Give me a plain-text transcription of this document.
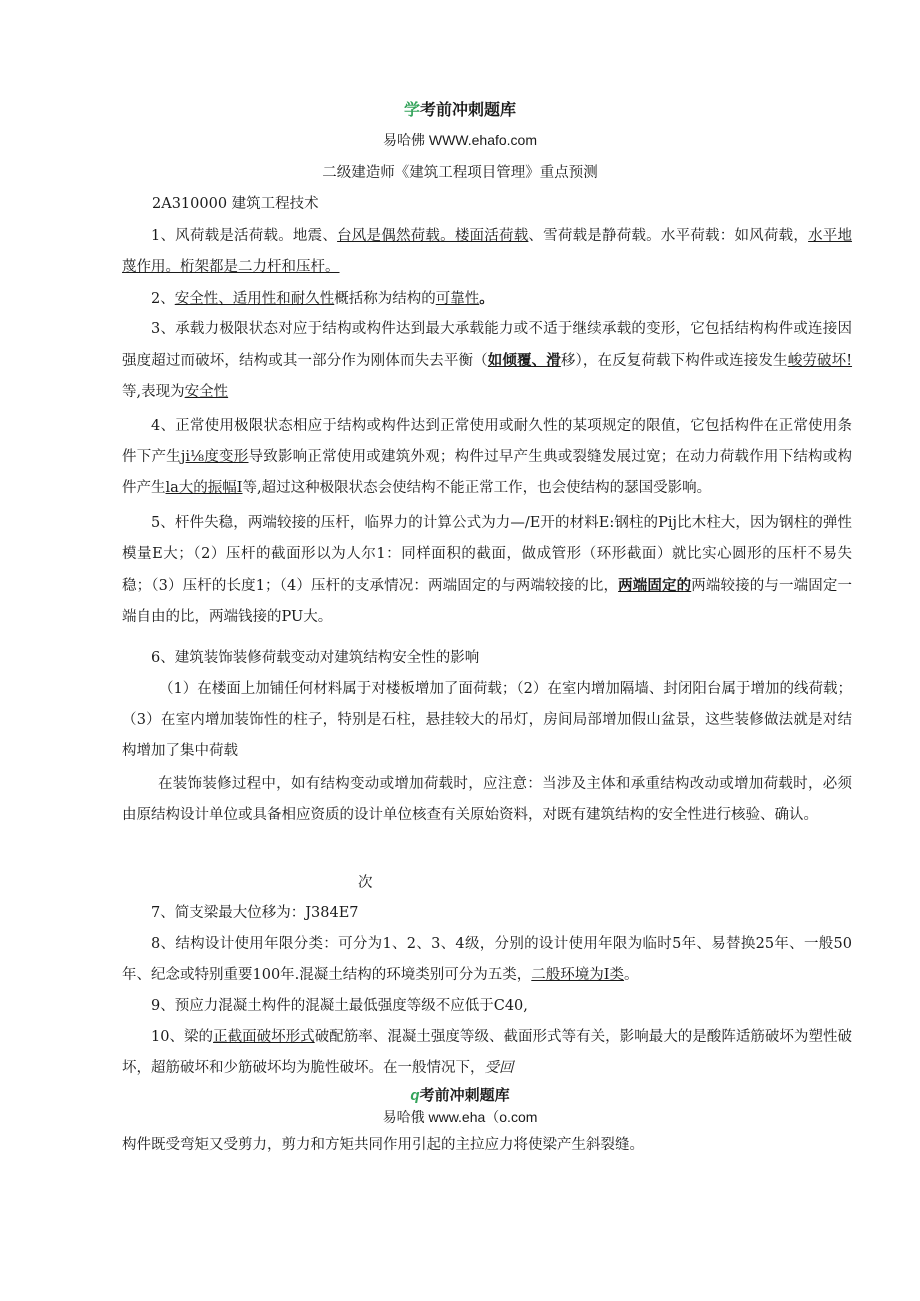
学考前冲刺题库
易哈佛 WWW.ehafo.com
二级建造师《建筑工程项目管理》重点预测
2A310000 建筑工程技术
1、风荷载是活荷载。地震、台风是偶然荷载。楼面活荷载、雪荷载是静荷载。水平荷载：如风荷载，水平地蔑作用。桁架都是二力杆和压杆。
2、安全性、适用性和耐久性概括称为结构的可靠性。
3、承载力极限状态对应于结构或构件达到最大承载能力或不适于继续承载的变形，它包括结构构件或连接因强度超过而破坏，结构或其一部分作为刚体而失去平衡（如倾覆、滑移），在反复荷载下构件或连接发生峻劳破坏!等,表现为安全性
4、正常使用极限状态相应于结构或构件达到正常使用或耐久性的某项规定的限值，它包括构件在正常使用条件下产生ji⅛度变形导致影响正常使用或建筑外观；构件过早产生典或裂缝发展过宽；在动力荷载作用下结构或构件产生la大的振幅I等,超过这种极限状态会使结构不能正常工作，也会使结构的瑟国受影响。
5、杆件失稳，两端较接的压杆，临界力的计算公式为力—/E开的材料E:钢柱的Pij比木柱大，因为钢柱的弹性模量E大；（2）压杆的截面形以为人尔1：同样面积的截面，做成管形（环形截面）就比实心圆形的压杆不易失稳；（3）压杆的长度1；（4）压杆的支承情况：两端固定的与两端较接的比，两端固定的两端较接的与一端固定一端自由的比，两端钱接的PU大。
6、建筑装饰装修荷载变动对建筑结构安全性的影响
（1）在楼面上加铺任何材料属于对楼板增加了面荷载；（2）在室内增加隔墙、封闭阳台属于增加的线荷载；（3）在室内增加装饰性的柱子，特别是石柱，悬挂较大的吊灯，房间局部增加假山盆景，这些装修做法就是对结构增加了集中荷载
在装饰装修过程中，如有结构变动或增加荷载时，应注意：当涉及主体和承重结构改动或增加荷载时，必须由原结构设计单位或具备相应资质的设计单位核查有关原始资料，对既有建筑结构的安全性进行核验、确认。
次
7、简支梁最大位移为：J384E7
8、结构设计使用年限分类：可分为1、2、3、4级，分别的设计使用年限为临时5年、易替换25年、一般50年、纪念或特别重要100年.混凝土结构的环境类别可分为五类，二般环境为I类。
9、预应力混凝土构件的混凝土最低强度等级不应低于C40,
10、梁的正截面破坏形式破配筋率、混凝土强度等级、截面形式等有关，影响最大的是酸阵适筋破坏为塑性破坏，超筋破坏和少筋破坏均为脆性破坏。在一般情况下，受回
q考前冲刺题库
易哈俄 www.eha（o.com
构件既受弯矩又受剪力，剪力和方矩共同作用引起的主拉应力将使梁产生斜裂缝。
